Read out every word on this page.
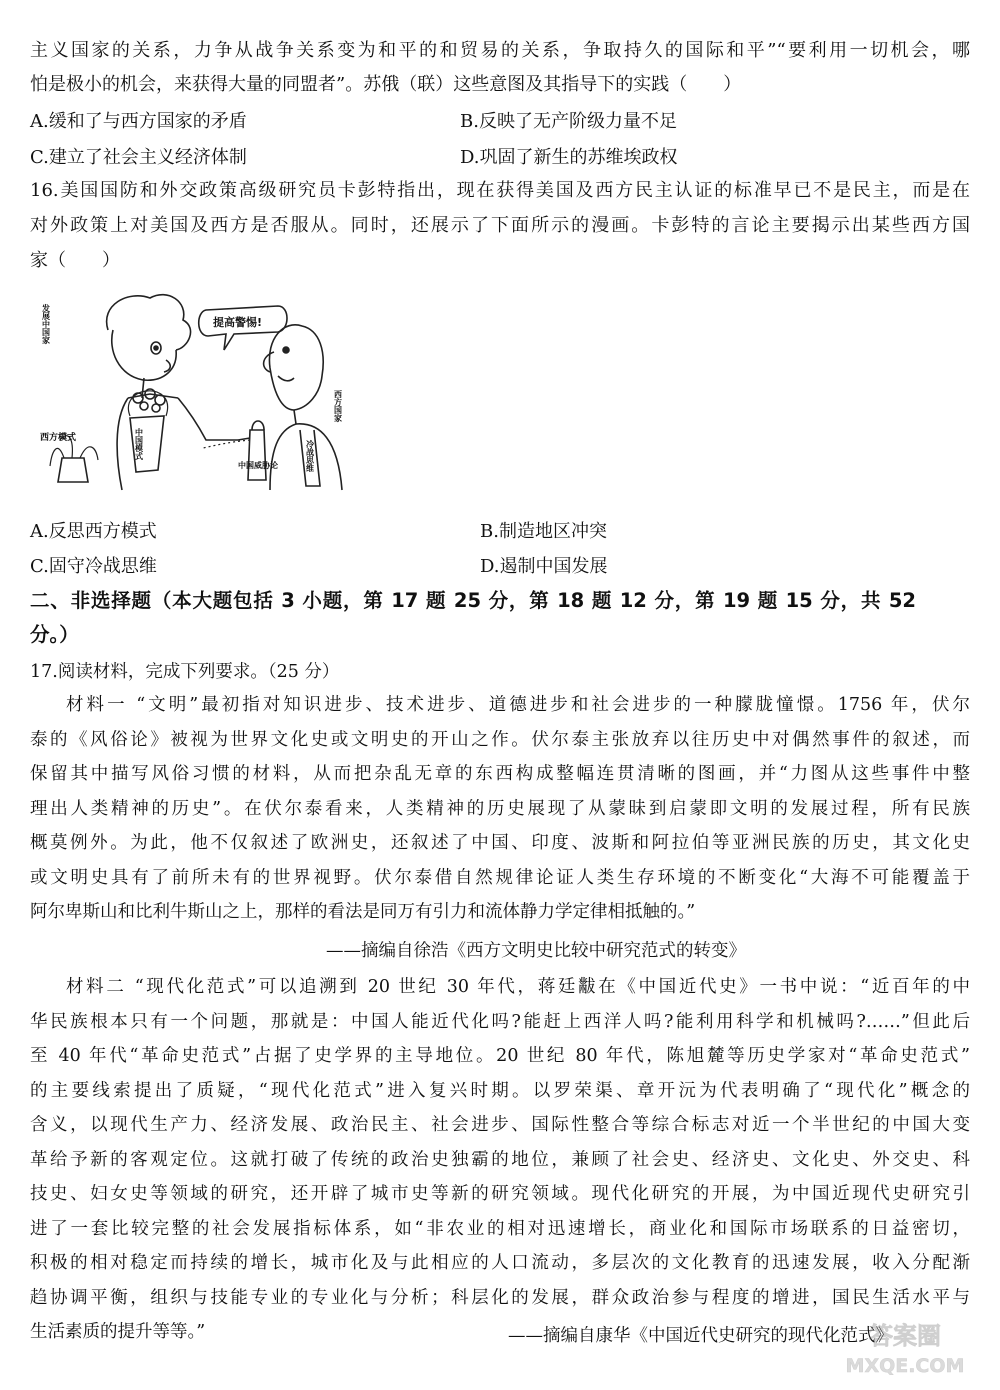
主义国家的关系，力争从战争关系变为和平的和贸易的关系，争取持久的国际和平”“要利用一切机会，哪
怕是极小的机会，来获得大量的同盟者”。苏俄（联）这些意图及其指导下的实践（　　）
A.缓和了与西方国家的矛盾	B.反映了无产阶级力量不足
C.建立了社会主义经济体制	D.巩固了新生的苏维埃政权
16.美国国防和外交政策高级研究员卡彭特指出，现在获得美国及西方民主认证的标准早已不是民主，而是在
对外政策上对美国及西方是否服从。同时，还展示了下面所示的漫画。卡彭特的言论主要揭示出某些西方国
家（　　）
提高警惕!
发展中国家
西方模式	中国模式
西方国家
中国威胁论	冷战思维
A.反思西方模式	B.制造地区冲突
C.固守冷战思维	D.遏制中国发展
二、非选择题（本大题包括 3 小题，第 17 题 25 分，第 18 题 12 分，第 19 题 15 分，共 52
分。）
17.阅读材料，完成下列要求。（25 分）

材料一 “文明”最初指对知识进步、技术进步、道德进步和社会进步的一种朦胧憧憬。1756 年，伏尔

泰的《风俗论》被视为世界文化史或文明史的开山之作。伏尔泰主张放弃以往历史中对偶然事件的叙述，而

保留其中描写风俗习惯的材料，从而把杂乱无章的东西构成整幅连贯清晰的图画，并“力图从这些事件中整

理出人类精神的历史”。在伏尔泰看来，人类精神的历史展现了从蒙昧到启蒙即文明的发展过程，所有民族

概莫例外。为此，他不仅叙述了欧洲史，还叙述了中国、印度、波斯和阿拉伯等亚洲民族的历史，其文化史

或文明史具有了前所未有的世界视野。伏尔泰借自然规律论证人类生存环境的不断变化“大海不可能覆盖于

阿尔卑斯山和比利牛斯山之上，那样的看法是同万有引力和流体静力学定律相抵触的。”

——摘编自徐浩《西方文明史比较中研究范式的转变》

材料二 “现代化范式”可以追溯到 20 世纪 30 年代，蒋廷黻在《中国近代史》一书中说：“近百年的中

华民族根本只有一个问题，那就是：中国人能近代化吗?能赶上西洋人吗?能利用科学和机械吗?……”但此后

至 40 年代“革命史范式”占据了史学界的主导地位。20 世纪 80 年代，陈旭麓等历史学家对“革命史范式”

的主要线索提出了质疑，“现代化范式”进入复兴时期。以罗荣渠、章开沅为代表明确了“现代化”概念的

含义，以现代生产力、经济发展、政治民主、社会进步、国际性整合等综合标志对近一个半世纪的中国大变

革给予新的客观定位。这就打破了传统的政治史独霸的地位，兼顾了社会史、经济史、文化史、外交史、科

技史、妇女史等领域的研究，还开辟了城市史等新的研究领域。现代化研究的开展，为中国近现代史研究引

进了一套比较完整的社会发展指标体系，如“非农业的相对迅速增长，商业化和国际市场联系的日益密切，

积极的相对稳定而持续的增长，城市化及与此相应的人口流动，多层次的文化教育的迅速发展，收入分配渐

趋协调平衡，组织与技能专业的专业化与分析；科层化的发展，群众政治参与程度的增进，国民生活水平与

生活素质的提升等等。”	——摘编自康华《中国近代史研究的现代化范式》
答案圈
MXQE.COM
